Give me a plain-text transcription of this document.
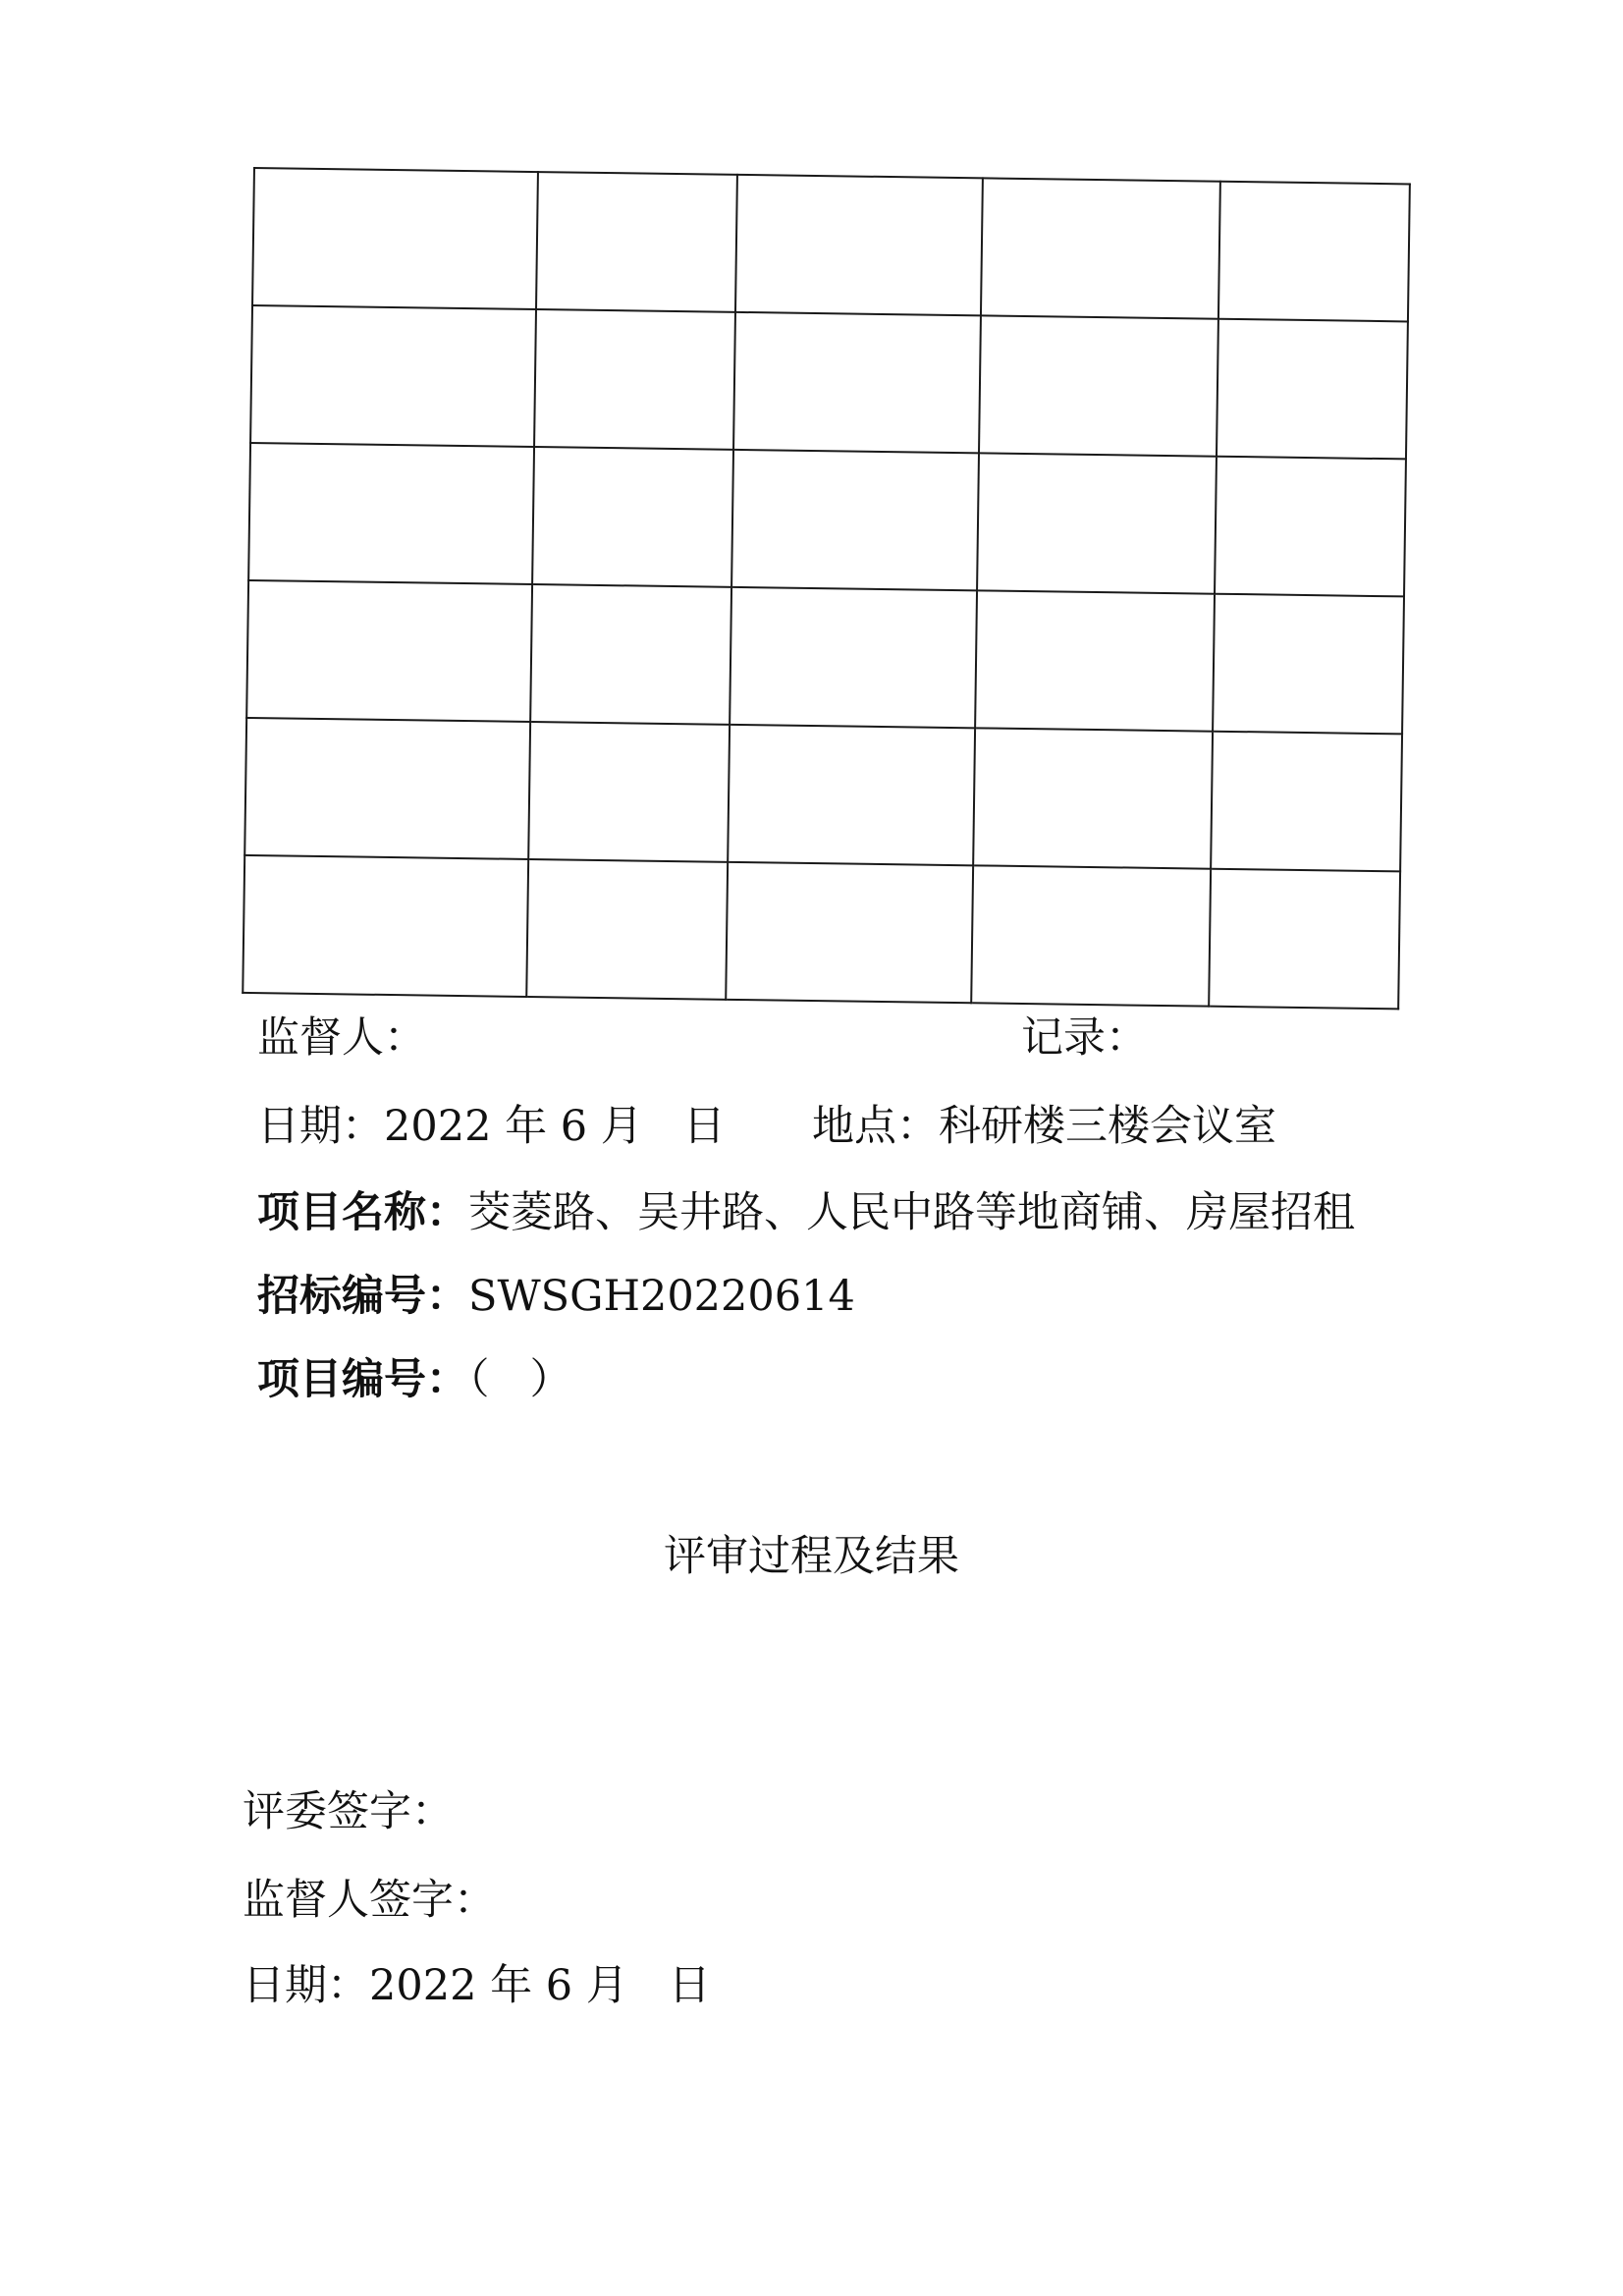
监督人：	记录：
日期：2022 年 6 月   日 地点：科研楼三楼会议室
项目名称：茭菱路、吴井路、人民中路等地商铺、房屋招租
招标编号：SWSGH20220614
项目编号：（   ）
评审过程及结果
评委签字：
监督人签字：
日期：2022 年 6 月   日
